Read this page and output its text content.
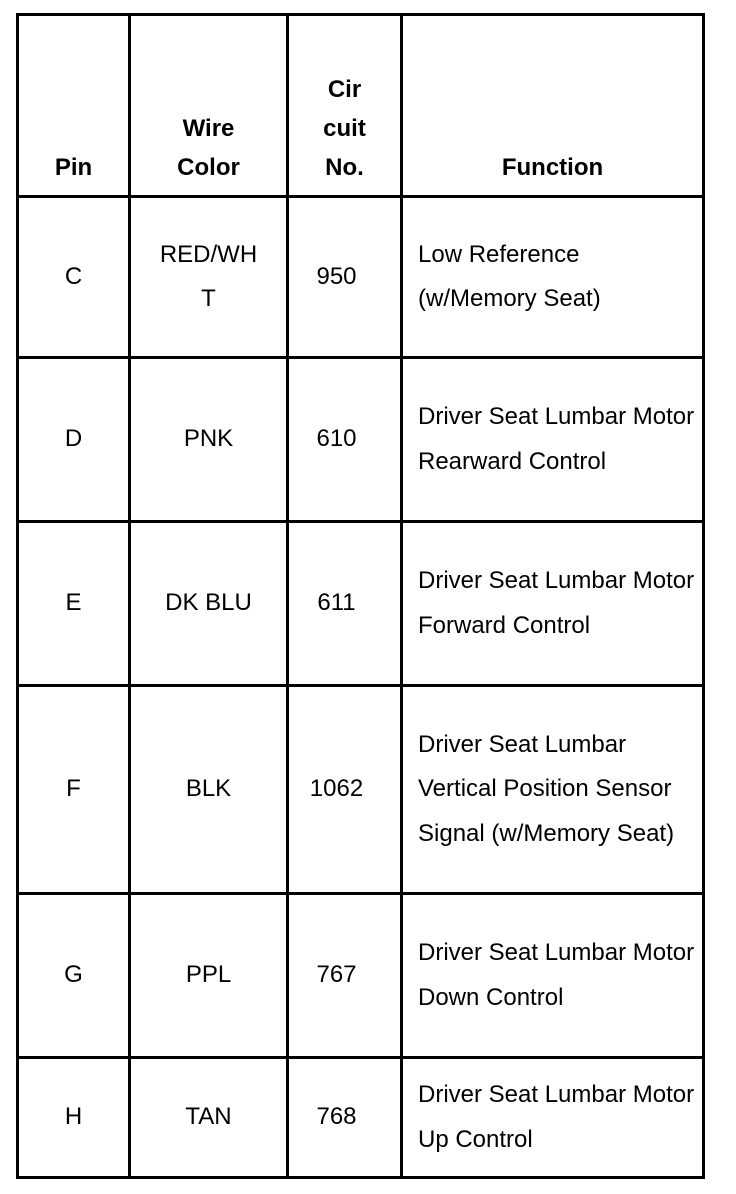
Pin	Wire Color	Cir cuit No.	Function
C	RED/WHT	950	Low Reference (w/Memory Seat)
D	PNK	610	Driver Seat Lumbar Motor Rearward Control
E	DK BLU	611	Driver Seat Lumbar Motor Forward Control
F	BLK	1062	Driver Seat Lumbar Vertical Position Sensor Signal (w/Memory Seat)
G	PPL	767	Driver Seat Lumbar Motor Down Control
H	TAN	768	Driver Seat Lumbar Motor Up Control
